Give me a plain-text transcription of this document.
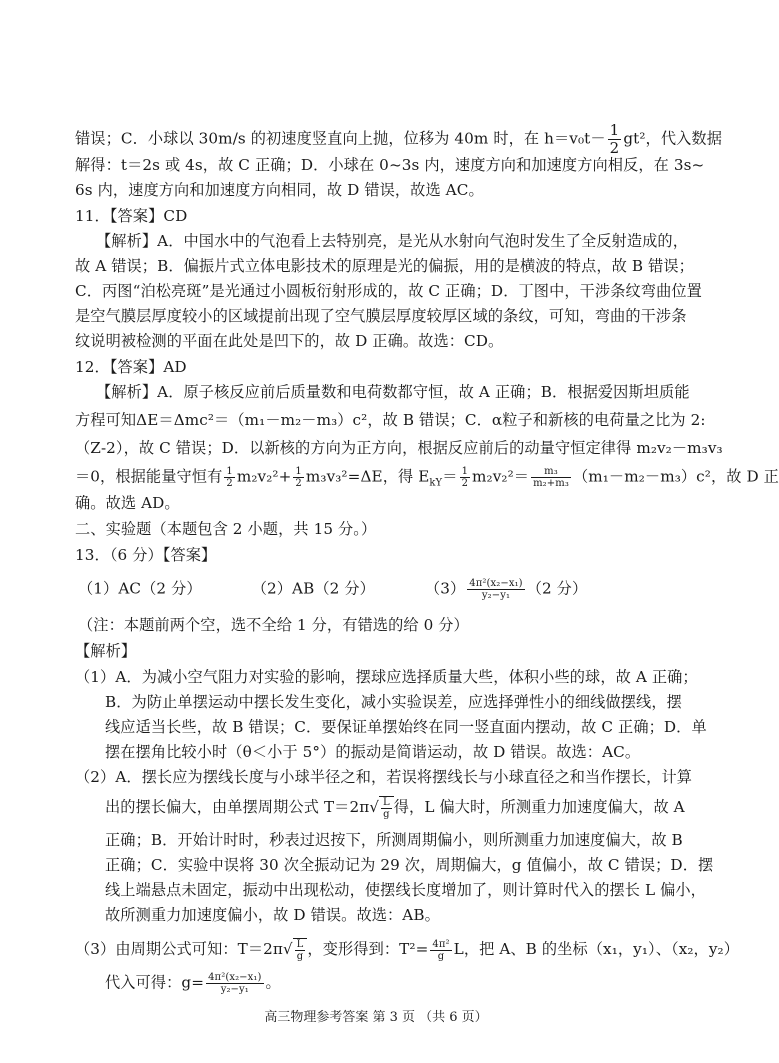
错误；C．小球以 30m/s 的初速度竖直向上抛，位移为 40m 时，在 $h=v_0t- \frac{1}{2} gt^2$，代入数据
解得：t＝2s 或 4s，故 C 正确；D．小球在 0~3s 内，速度方向和加速度方向相反，在 3s~
6s 内，速度方向和加速度方向相同，故 D 错误，故选 AC。
11．【答案】CD
【解析】A．中国水中的气泡看上去特别亮，是光从水射向气泡时发生了全反射造成的，
故 A 错误；B．偏振片式立体电影技术的原理是光的偏振，用的是横波的特点，故 B 错误；
C．丙图“泊松亮斑”是光通过小圆板衍射形成的，故 C 正确；D．丁图中，干涉条纹弯曲位置
是空气膜层厚度较小的区域提前出现了空气膜层厚度较厚区域的条纹，可知，弯曲的干涉条
纹说明被检测的平面在此处是凹下的，故 D 正确。故选：CD。
12．【答案】AD
【解析】A．原子核反应前后质量数和电荷数都守恒，故 A 正确；B．根据爱因斯坦质能
方程可知ΔE＝Δmc²＝（m₁－m₂－m₃）c²，故 B 错误；C．α粒子和新核的电荷量之比为 2:
（Z-2），故 C 错误；D．以新核的方向为正方向，根据反应前后的动量守恒定律得 m₂v₂－m₃v₃
＝0，根据能量守恒有 $\frac{1}{2} m_2v_2^2+ \frac{1}{2} m_3v_3^2=\Delta E$，得 $E_{kY}= \frac{1}{2} m_2v_2^2= \frac{\text{m₃}}{\text{m₂+m₃}} (m_1-m_2-m_3)c^2$，故 D 正
确。故选 AD。
二、实验题（本题包含 2 小题，共 15 分。）
13．（6 分）【答案】
（1）AC（2 分）	（2）AB（2 分）	$(3) \frac{\text{4π²(x₂−x₁)}}{\text{y₂−y₁}} (2$ 分）
（注：本题前两个空，选不全给 1 分，有错选的给 0 分）
【解析】
（1）A．为减小空气阻力对实验的影响，摆球应选择质量大些，体积小些的球，故 A 正确；
B．为防止单摆运动中摆长发生变化，减小实验误差，应选择弹性小的细线做摆线，摆
线应适当长些，故 B 错误；C．要保证单摆始终在同一竖直面内摆动，故 C 正确；D．单
摆在摆角比较小时（θ＜小于 5°）的振动是简谐运动，故 D 错误。故选：AC。
（2）A．摆长应为摆线长度与小球半径之和，若误将摆线长与小球直径之和当作摆长，计算
出的摆长偏大，由单摆周期公式 $T=2\pi√ \frac{L}{g}$ 得，L 偏大时，所测重力加速度偏大，故 A
正确；B．开始计时时，秒表过迟按下，所测周期偏小，则所测重力加速度偏大，故 B
正确；C．实验中误将 30 次全振动记为 29 次，周期偏大，g 值偏小，故 C 错误；D．摆
线上端悬点未固定，振动中出现松动，使摆线长度增加了，则计算时代入的摆长 L 偏小，
故所测重力加速度偏小，故 D 错误。故选：AB。
（3）由周期公式可知：$T=2\pi√ \frac{L}{g}$ ，变形得到：$T^2= \frac{\text{4π²}}{g}$ L，把 A、B 的坐标（x₁，y₁）、（x₂，y₂）
代入可得：$g= \frac{\text{4π²(x₂−x₁)}}{\text{y₂−y₁}}$ 。
高三物理参考答案 第 3 页 （共 6 页）
